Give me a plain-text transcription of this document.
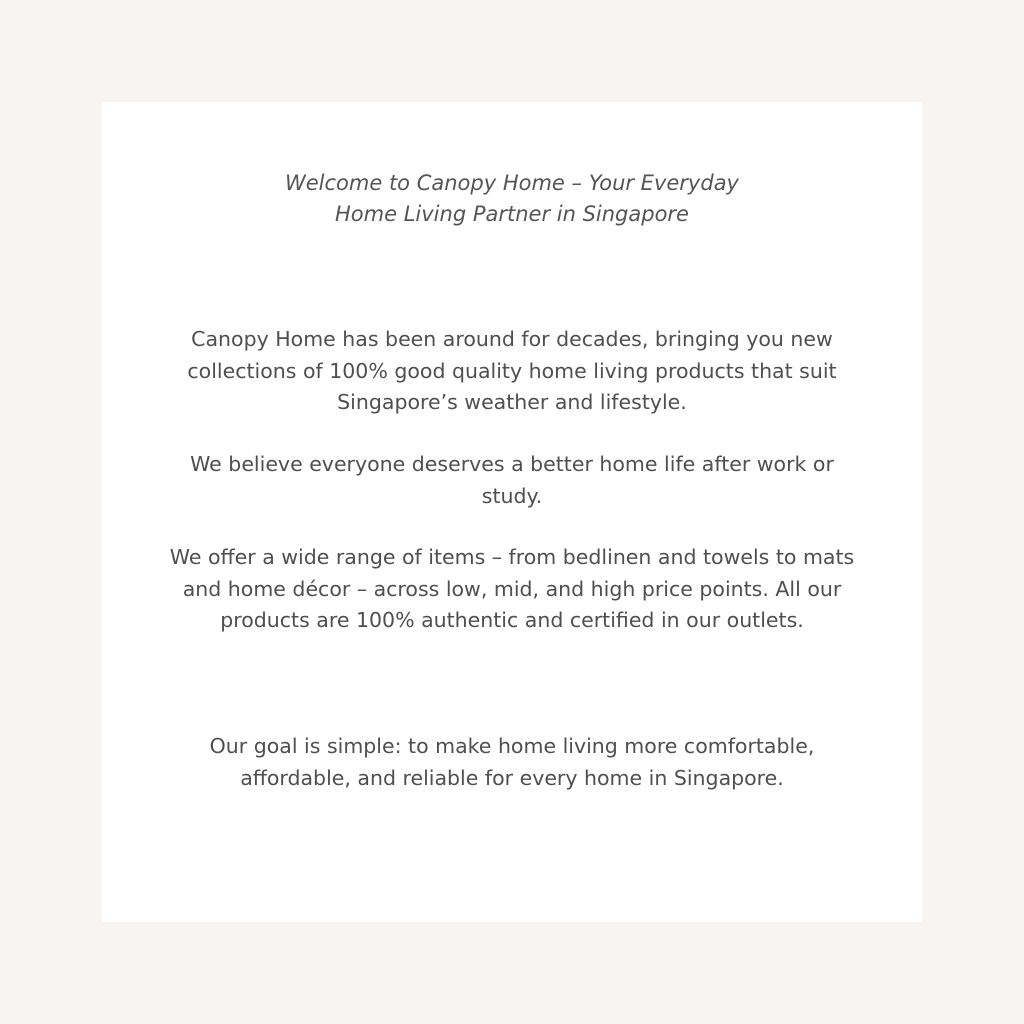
Welcome to Canopy Home – Your Everyday Home Living Partner in Singapore

Canopy Home has been around for decades, bringing you new collections of 100% good quality home living products that suit Singapore’s weather and lifestyle.

We believe everyone deserves a better home life after work or study.

We offer a wide range of items – from bedlinen and towels to mats and home décor – across low, mid, and high price points. All our products are 100% authentic and certified in our outlets.

Our goal is simple: to make home living more comfortable, affordable, and reliable for every home in Singapore.
